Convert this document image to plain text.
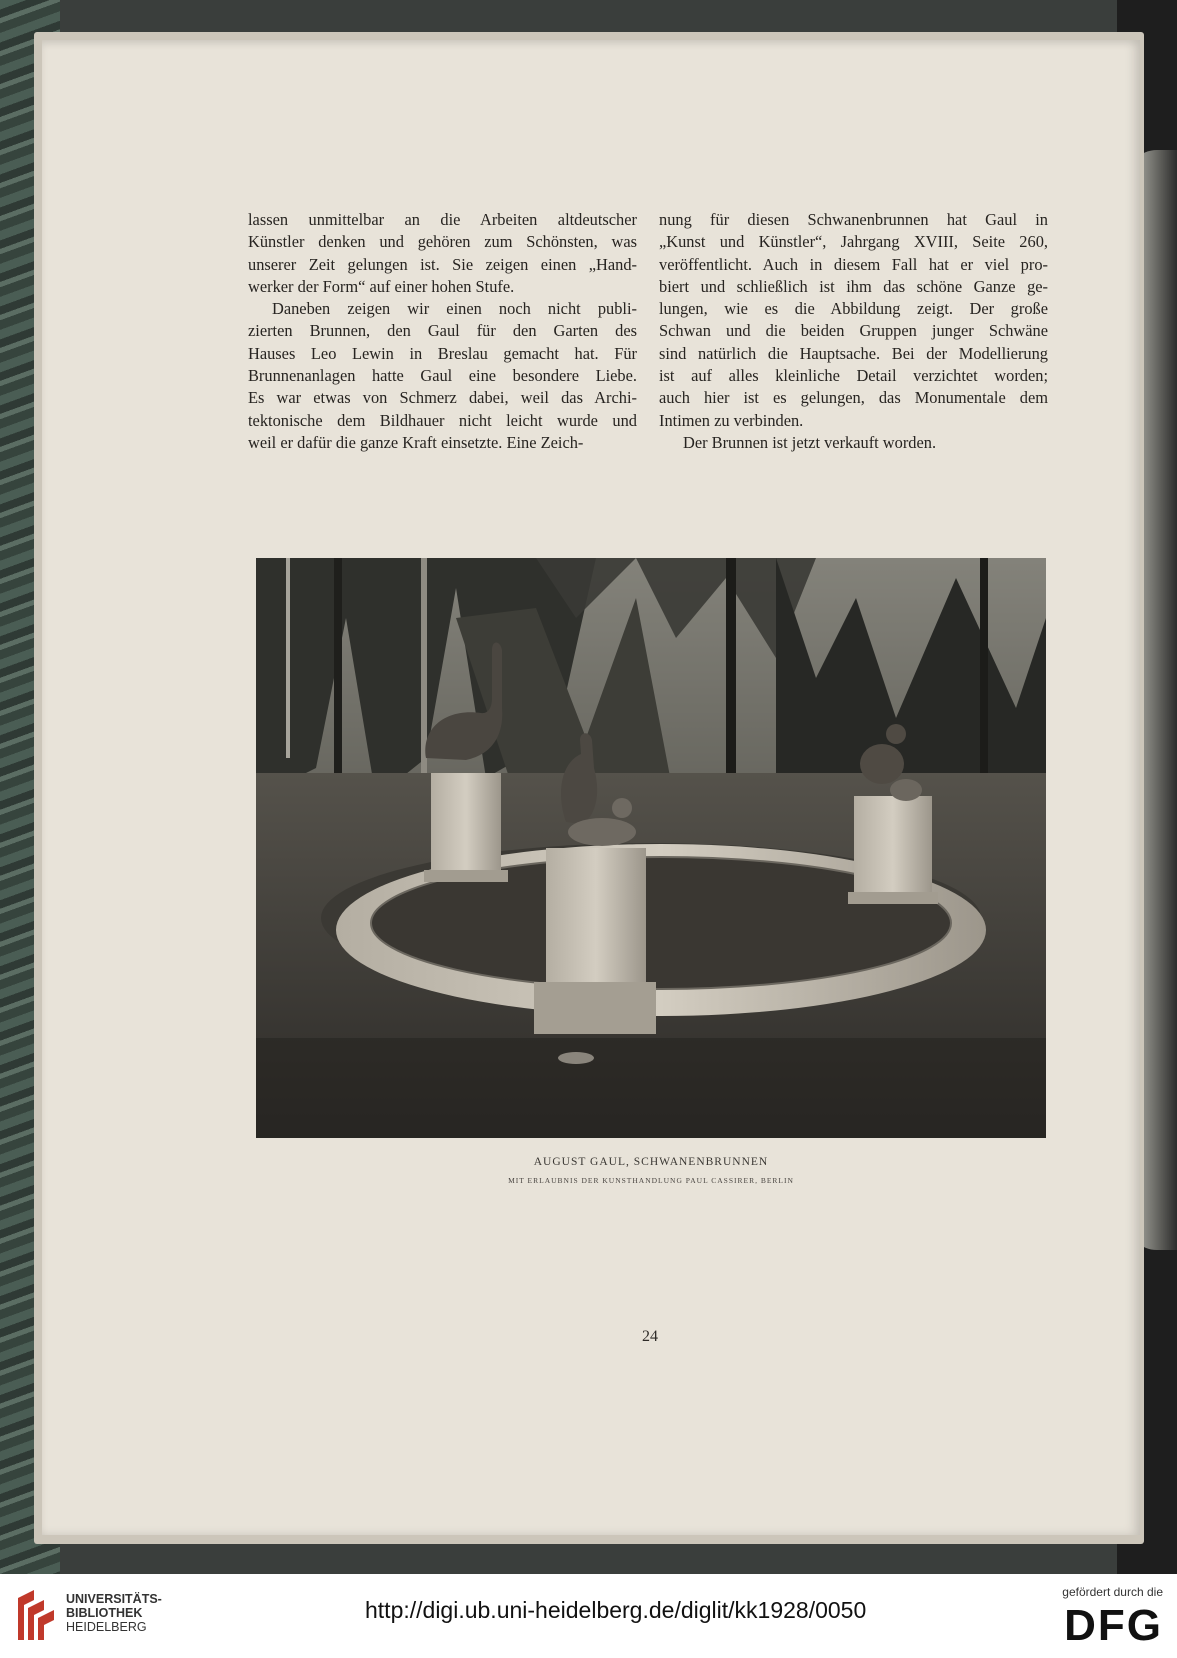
lassen unmittelbar an die Arbeiten altdeutscher
Künstler denken und gehören zum Schönsten, was
unserer Zeit gelungen ist. Sie zeigen einen „Hand-
werker der Form“ auf einer hohen Stufe.
Daneben zeigen wir einen noch nicht publi-
zierten Brunnen, den Gaul für den Garten des
Hauses Leo Lewin in Breslau gemacht hat. Für
Brunnenanlagen hatte Gaul eine besondere Liebe.
Es war etwas von Schmerz dabei, weil das Archi-
tektonische dem Bildhauer nicht leicht wurde und
weil er dafür die ganze Kraft einsetzte. Eine Zeich-
nung für diesen Schwanenbrunnen hat Gaul in
„Kunst und Künstler“, Jahrgang XVIII, Seite 260,
veröffentlicht. Auch in diesem Fall hat er viel pro-
biert und schließlich ist ihm das schöne Ganze ge-
lungen, wie es die Abbildung zeigt. Der große
Schwan und die beiden Gruppen junger Schwäne
sind natürlich die Hauptsache. Bei der Modellierung
ist auf alles kleinliche Detail verzichtet worden;
auch hier ist es gelungen, das Monumentale dem
Intimen zu verbinden.
Der Brunnen ist jetzt verkauft worden.
AUGUST GAUL, SCHWANENBRUNNEN
MIT ERLAUBNIS DER KUNSTHANDLUNG PAUL CASSIRER, BERLIN
24
UNIVERSITÄTS-
BIBLIOTHEK
HEIDELBERG
http://digi.ub.uni-heidelberg.de/diglit/kk1928/0050
gefördert durch die
DFG
